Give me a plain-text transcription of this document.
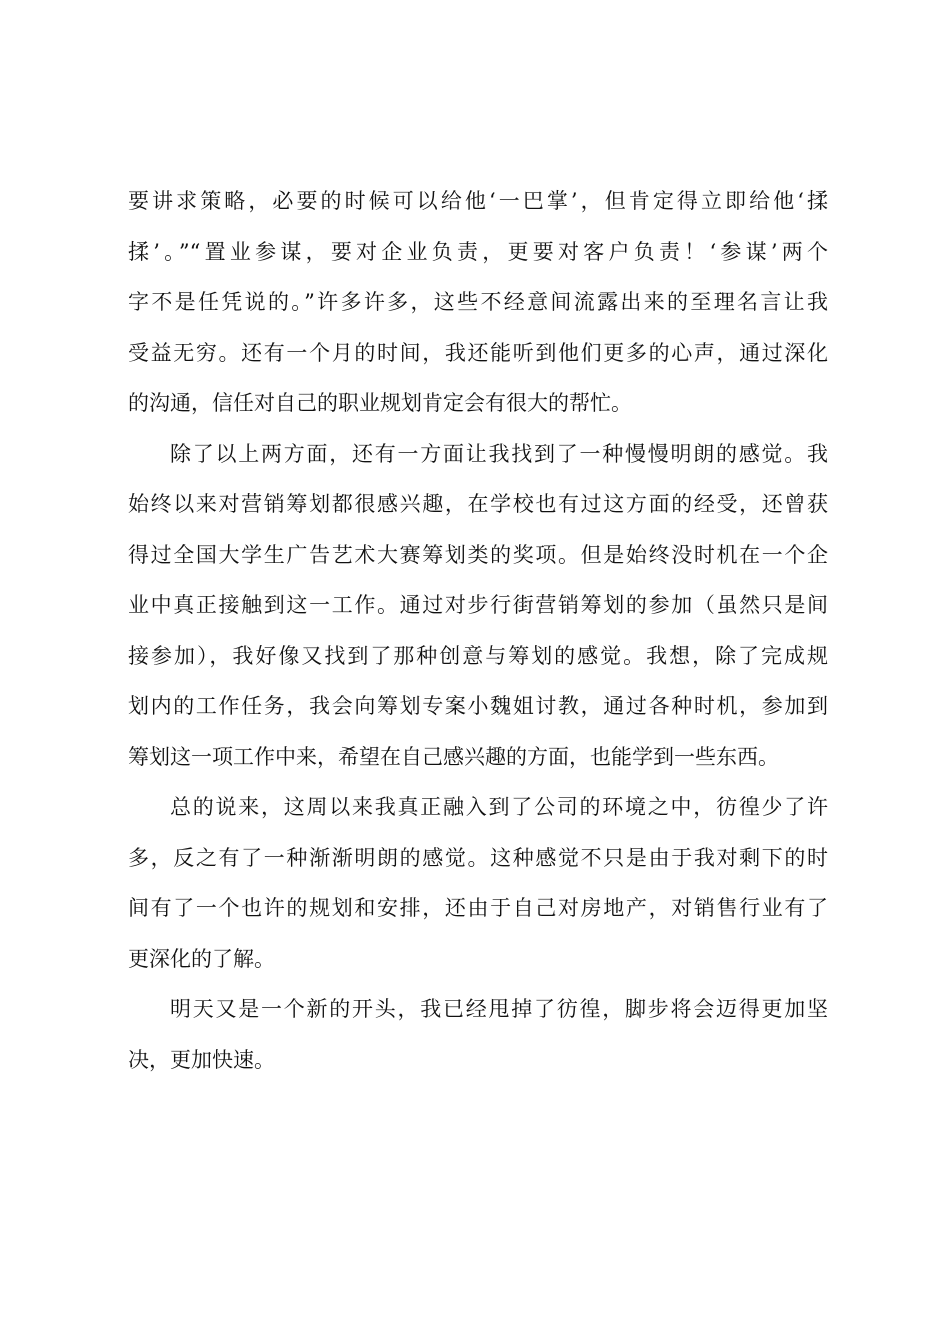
要讲求策略，必要的时候可以给他‘一巴掌’，但肯定得立即给他‘揉
揉’。”“置业参谋，要对企业负责，更要对客户负责！‘参谋’两个
字不是任凭说的。”许多许多，这些不经意间流露出来的至理名言让我
受益无穷。还有一个月的时间，我还能听到他们更多的心声，通过深化
的沟通，信任对自己的职业规划肯定会有很大的帮忙。
除了以上两方面，还有一方面让我找到了一种慢慢明朗的感觉。我
始终以来对营销筹划都很感兴趣，在学校也有过这方面的经受，还曾获
得过全国大学生广告艺术大赛筹划类的奖项。但是始终没时机在一个企
业中真正接触到这一工作。通过对步行街营销筹划的参加（虽然只是间
接参加），我好像又找到了那种创意与筹划的感觉。我想，除了完成规
划内的工作任务，我会向筹划专案小魏姐讨教，通过各种时机，参加到
筹划这一项工作中来，希望在自己感兴趣的方面，也能学到一些东西。
总的说来，这周以来我真正融入到了公司的环境之中，彷徨少了许
多，反之有了一种渐渐明朗的感觉。这种感觉不只是由于我对剩下的时
间有了一个也许的规划和安排，还由于自己对房地产，对销售行业有了
更深化的了解。
明天又是一个新的开头，我已经甩掉了彷徨，脚步将会迈得更加坚
决，更加快速。
